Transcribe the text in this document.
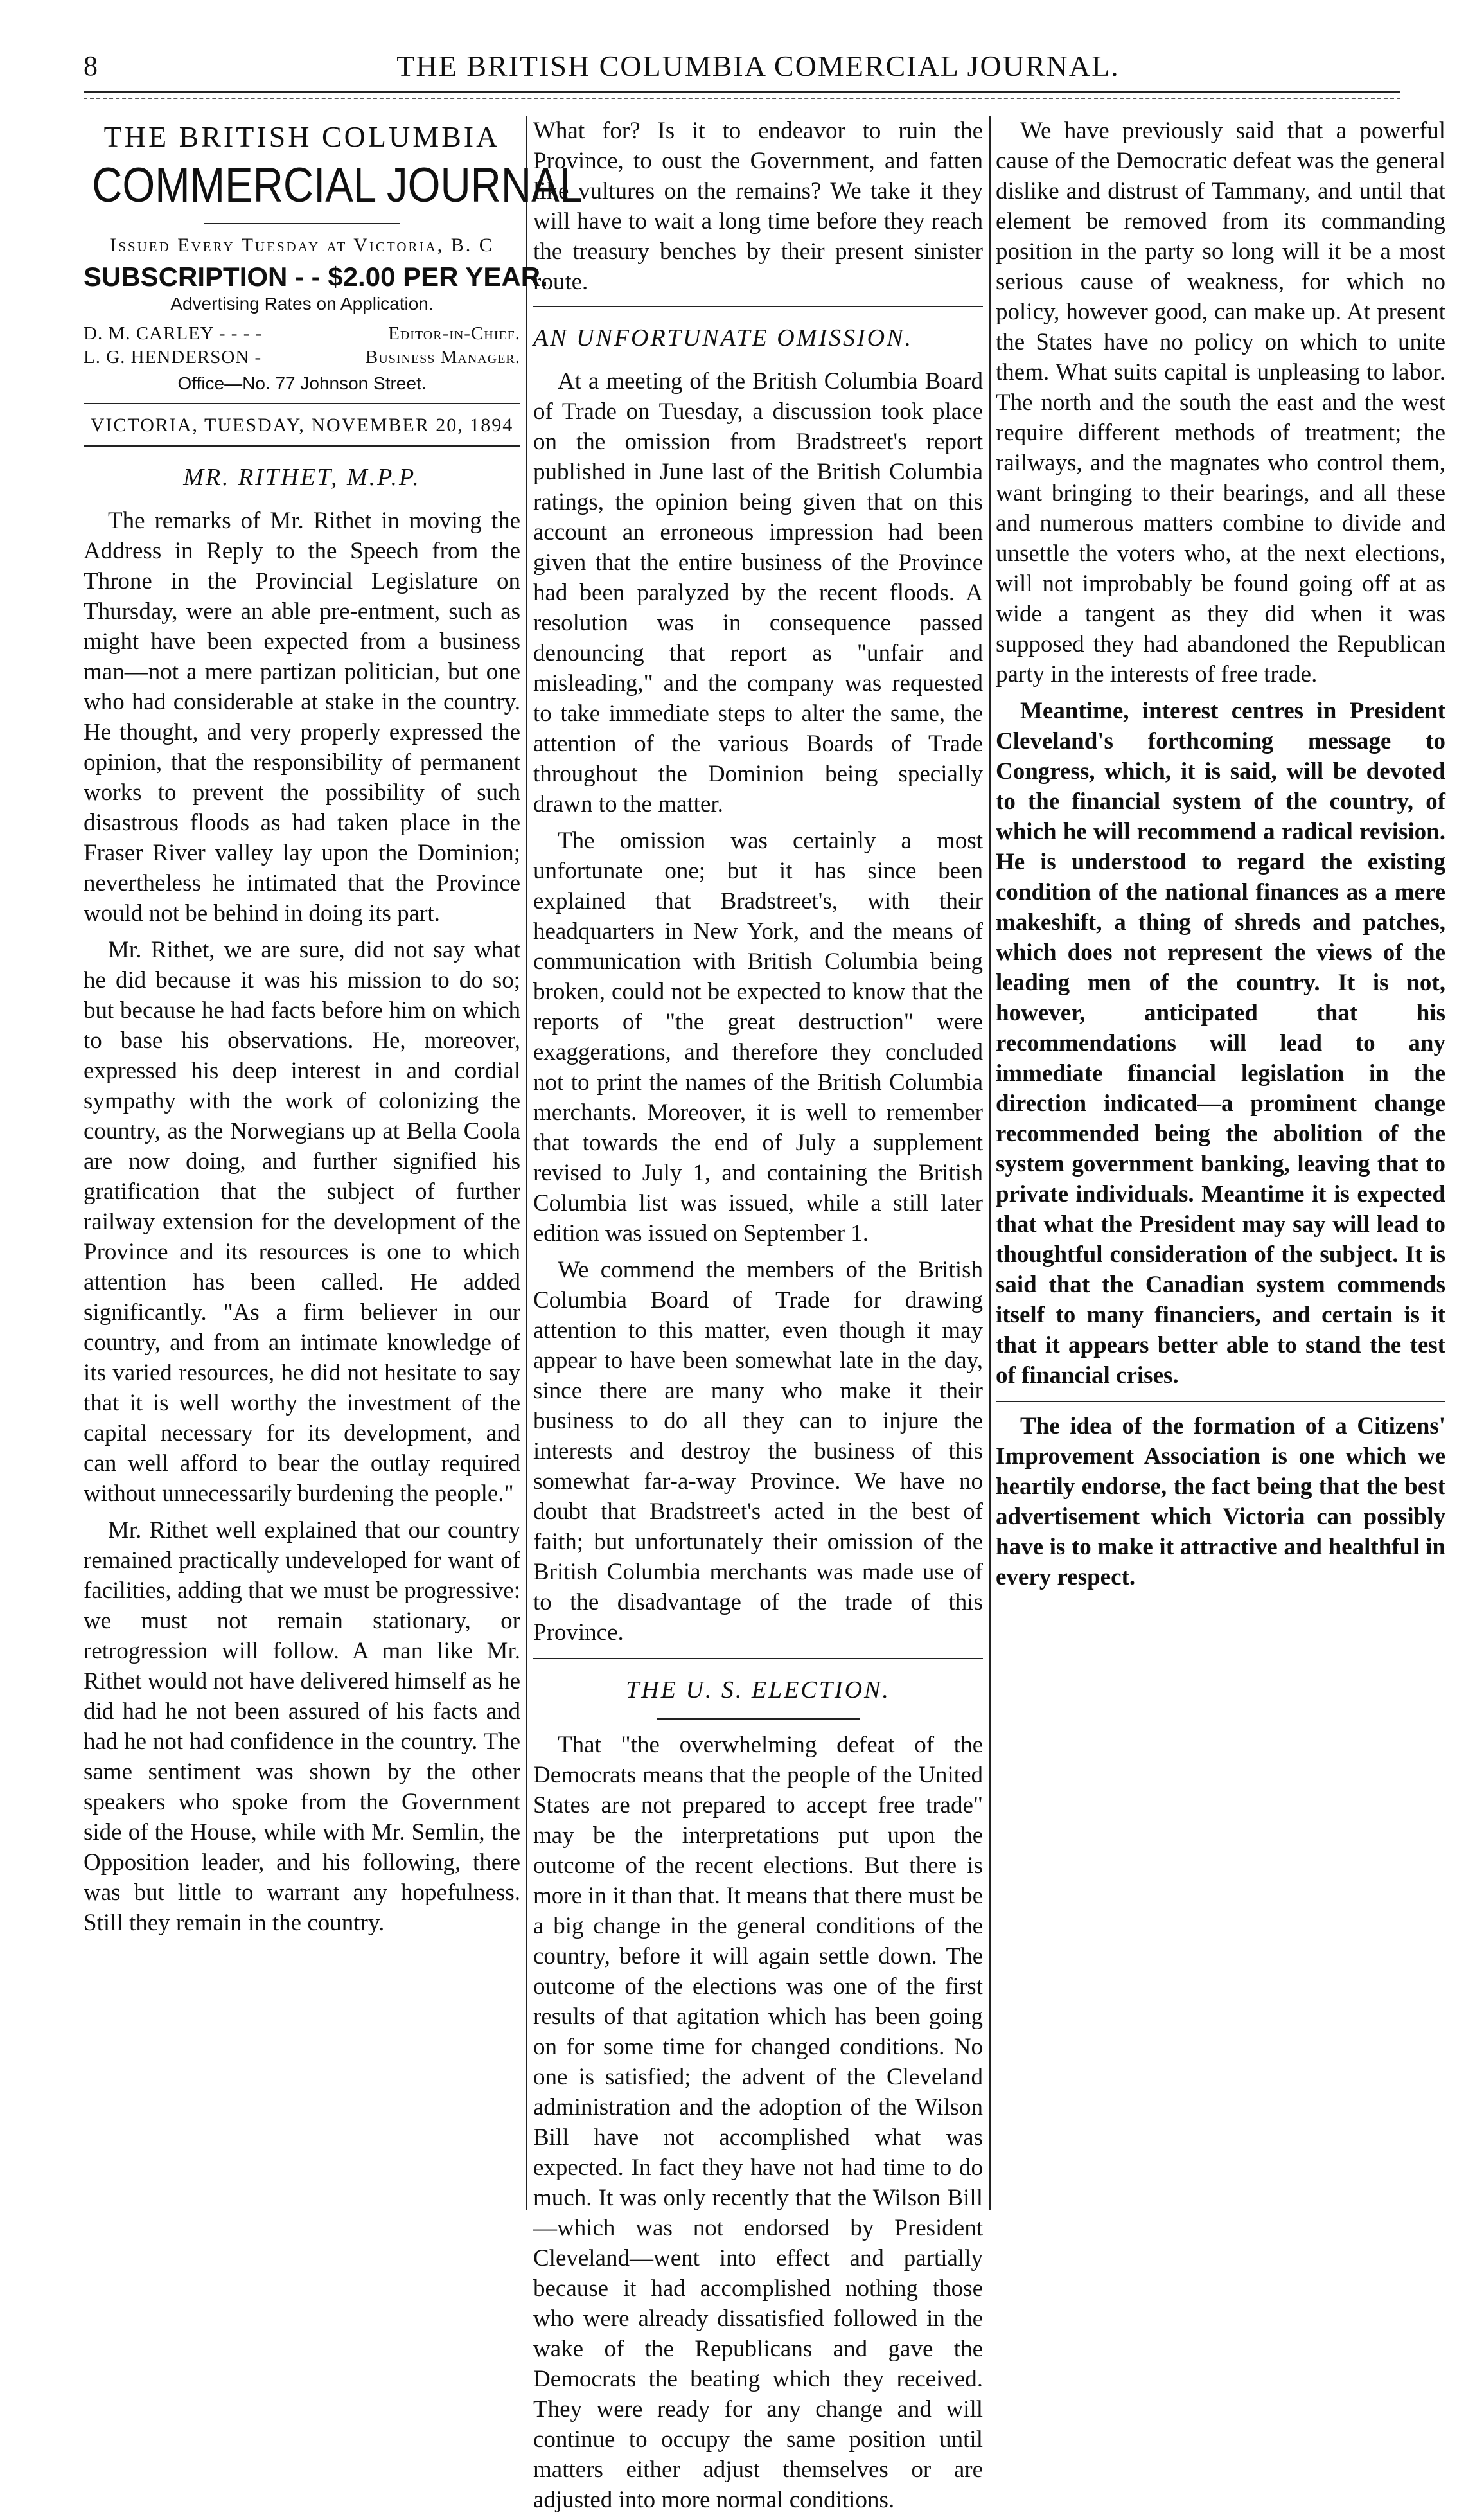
8	THE BRITISH COLUMBIA COMERCIAL JOURNAL.
THE BRITISH COLUMBIA
COMMERCIAL JOURNAL
Issued Every Tuesday at Victoria, B. C
SUBSCRIPTION - - $2.00 PER YEAR.
Advertising Rates on Application.
D. M. CARLEY - - - -	Editor-in-Chief.
L. G. HENDERSON -	Business Manager.
Office—No. 77 Johnson Street.
VICTORIA, TUESDAY, NOVEMBER 20, 1894
MR. RITHET, M.P.P.

The remarks of Mr. Rithet in moving the Address in Reply to the Speech from the Throne in the Provincial Legislature on Thursday, were an able pre-entment, such as might have been expected from a business man—not a mere partizan politician, but one who had considerable at stake in the country. He thought, and very properly expressed the opinion, that the responsibility of permanent works to prevent the possibility of such disastrous floods as had taken place in the Fraser River valley lay upon the Dominion; nevertheless he intimated that the Province would not be behind in doing its part.

Mr. Rithet, we are sure, did not say what he did because it was his mission to do so; but because he had facts before him on which to base his observations. He, moreover, expressed his deep interest in and cordial sympathy with the work of colonizing the country, as the Norwegians up at Bella Coola are now doing, and further signified his gratification that the subject of further railway extension for the development of the Province and its resources is one to which attention has been called. He added significantly. "As a firm believer in our country, and from an intimate knowledge of its varied resources, he did not hesitate to say that it is well worthy the investment of the capital necessary for its development, and can well afford to bear the outlay required without unnecessarily burdening the people."

Mr. Rithet well explained that our country remained practically undeveloped for want of facilities, adding that we must be progressive: we must not remain stationary, or retrogression will follow. A man like Mr. Rithet would not have delivered himself as he did had he not been assured of his facts and had he not had confidence in the country. The same sentiment was shown by the other speakers who spoke from the Government side of the House, while with Mr. Semlin, the Opposition leader, and his following, there was but little to warrant any hopefulness. Still they remain in the country.

What for? Is it to endeavor to ruin the Province, to oust the Government, and fatten like vultures on the remains? We take it they will have to wait a long time before they reach the treasury benches by their present sinister route.

AN UNFORTUNATE OMISSION.

At a meeting of the British Columbia Board of Trade on Tuesday, a discussion took place on the omission from Bradstreet's report published in June last of the British Columbia ratings, the opinion being given that on this account an erroneous impression had been given that the entire business of the Province had been paralyzed by the recent floods. A resolution was in consequence passed denouncing that report as "unfair and misleading," and the company was requested to take immediate steps to alter the same, the attention of the various Boards of Trade throughout the Dominion being specially drawn to the matter.

The omission was certainly a most unfortunate one; but it has since been explained that Bradstreet's, with their headquarters in New York, and the means of communication with British Columbia being broken, could not be expected to know that the reports of "the great destruction" were exaggerations, and therefore they concluded not to print the names of the British Columbia merchants. Moreover, it is well to remember that towards the end of July a supplement revised to July 1, and containing the British Columbia list was issued, while a still later edition was issued on September 1.

We commend the members of the British Columbia Board of Trade for drawing attention to this matter, even though it may appear to have been somewhat late in the day, since there are many who make it their business to do all they can to injure the interests and destroy the business of this somewhat far-a-way Province. We have no doubt that Bradstreet's acted in the best of faith; but unfortunately their omission of the British Columbia merchants was made use of to the disadvantage of the trade of this Province.

THE U. S. ELECTION.

That "the overwhelming defeat of the Democrats means that the people of the United States are not prepared to accept free trade" may be the interpretations put upon the outcome of the recent elections. But there is more in it than that. It means that there must be a big change in the general conditions of the country, before it will again settle down. The outcome of the elections was one of the first results of that agitation which has been going on for some time for changed conditions. No one is satisfied; the advent of the Cleveland administration and the adoption of the Wilson Bill have not accomplished what was expected. In fact they have not had time to do much. It was only recently that the Wilson Bill—which was not endorsed by President Cleveland—went into effect and partially because it had accomplished nothing those who were already dissatisfied followed in the wake of the Republicans and gave the Democrats the beating which they received. They were ready for any change and will continue to occupy the same position until matters either adjust themselves or are adjusted into more normal conditions.

We have previously said that a powerful cause of the Democratic defeat was the general dislike and distrust of Tammany, and until that element be removed from its commanding position in the party so long will it be a most serious cause of weakness, for which no policy, however good, can make up. At present the States have no policy on which to unite them. What suits capital is unpleasing to labor. The north and the south the east and the west require different methods of treatment; the railways, and the magnates who control them, want bringing to their bearings, and all these and numerous matters combine to divide and unsettle the voters who, at the next elections, will not improbably be found going off at as wide a tangent as they did when it was supposed they had abandoned the Republican party in the interests of free trade.

Meantime, interest centres in President Cleveland's forthcoming message to Congress, which, it is said, will be devoted to the financial system of the country, of which he will recommend a radical revision. He is understood to regard the existing condition of the national finances as a mere makeshift, a thing of shreds and patches, which does not represent the views of the leading men of the country. It is not, however, anticipated that his recommendations will lead to any immediate financial legislation in the direction indicated—a prominent change recommended being the abolition of the system government banking, leaving that to private individuals. Meantime it is expected that what the President may say will lead to thoughtful consideration of the subject. It is said that the Canadian system commends itself to many financiers, and certain is it that it appears better able to stand the test of financial crises.

The idea of the formation of a Citizens' Improvement Association is one which we heartily endorse, the fact being that the best advertisement which Victoria can possibly have is to make it attractive and healthful in every respect.
